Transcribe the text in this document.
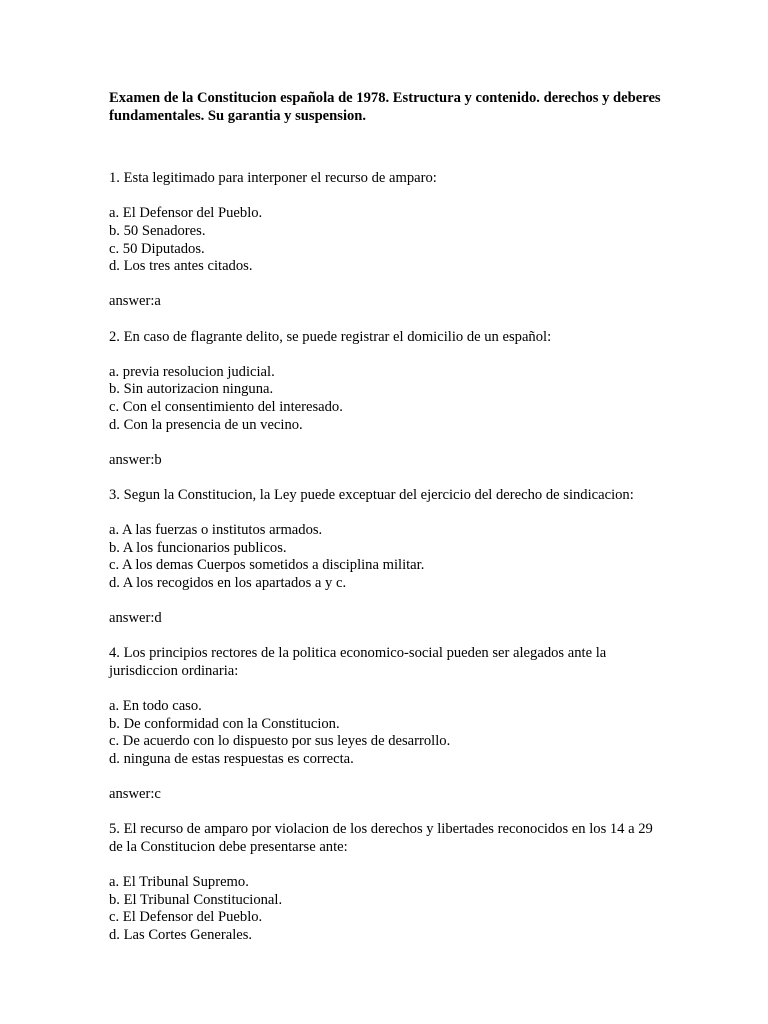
Examen de la Constitucion española de 1978. Estructura y contenido. derechos y deberes fundamentales. Su garantia y suspension.

1. Esta legitimado para interponer el recurso de amparo:

a. El Defensor del Pueblo.
b. 50 Senadores.
c. 50 Diputados.
d. Los tres antes citados.

answer:a

2. En caso de flagrante delito, se puede registrar el domicilio de un español:

a. previa resolucion judicial.
b. Sin autorizacion ninguna.
c. Con el consentimiento del interesado.
d. Con la presencia de un vecino.

answer:b

3. Segun la Constitucion, la Ley puede exceptuar del ejercicio del derecho de sindicacion:

a. A las fuerzas o institutos armados.
b. A los funcionarios publicos.
c. A los demas Cuerpos sometidos a disciplina militar.
d. A los recogidos en los apartados a y c.

answer:d

4. Los principios rectores de la politica economico-social pueden ser alegados ante la jurisdiccion ordinaria:

a. En todo caso.
b. De conformidad con la Constitucion.
c. De acuerdo con lo dispuesto por sus leyes de desarrollo.
d. ninguna de estas respuestas es correcta.

answer:c

5. El recurso de amparo por violacion de los derechos y libertades reconocidos en los 14 a 29 de la Constitucion debe presentarse ante:

a. El Tribunal Supremo.
b. El Tribunal Constitucional.
c. El Defensor del Pueblo.
d. Las Cortes Generales.
